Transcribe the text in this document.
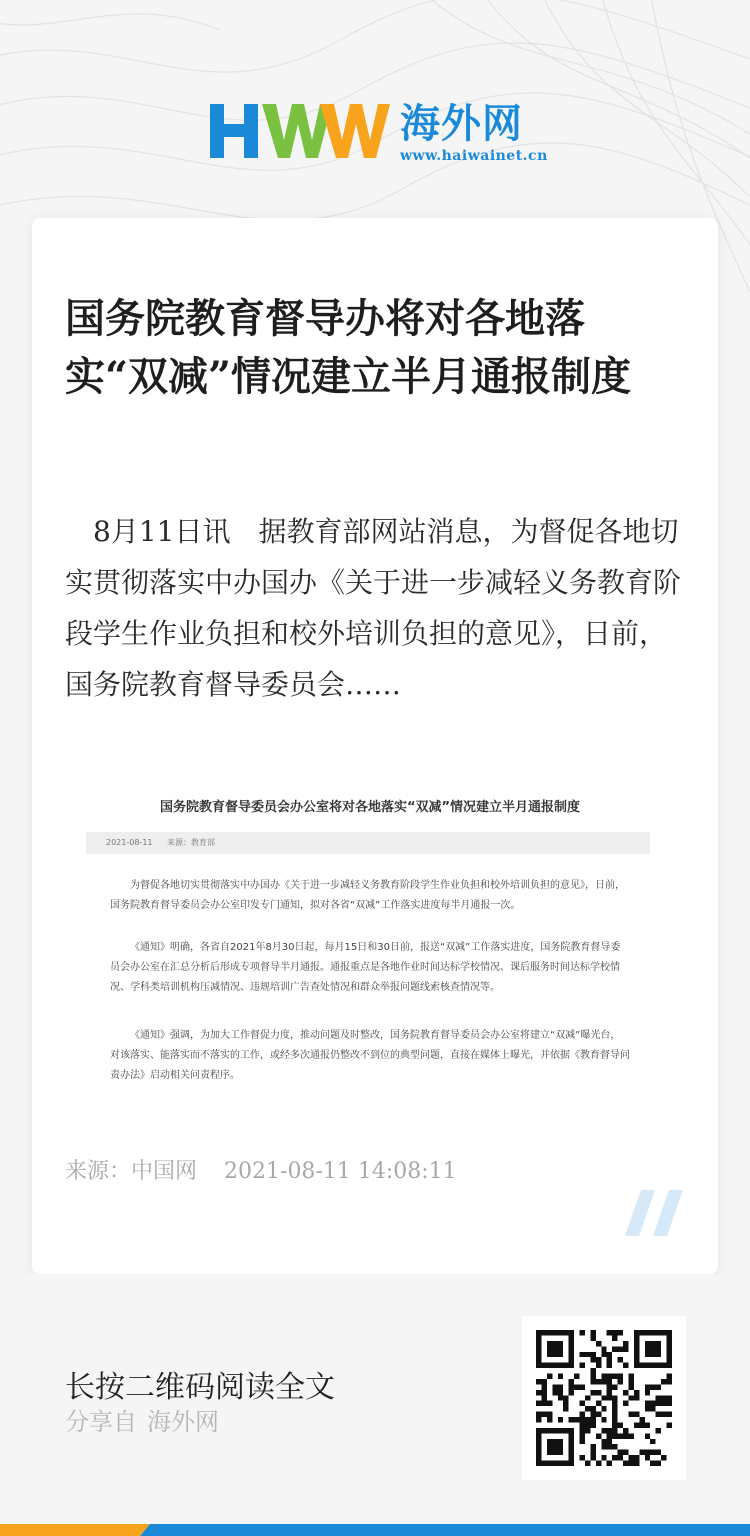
海外网
www.haiwainet.cn
国务院教育督导办将对各地落实“双减”情况建立半月通报制度

8月11日讯　据教育部网站消息，为督促各地切实贯彻落实中办国办《关于进一步减轻义务教育阶段学生作业负担和校外培训负担的意见》，日前，国务院教育督导委员会……

国务院教育督导委员会办公室将对各地落实“双减”情况建立半月通报制度
2021-08-11 来源：教育部

为督促各地切实贯彻落实中办国办《关于进一步减轻义务教育阶段学生作业负担和校外培训负担的意见》，日前，国务院教育督导委员会办公室印发专门通知，拟对各省“双减”工作落实进度每半月通报一次。

《通知》明确，各省自2021年8月30日起，每月15日和30日前，报送“双减”工作落实进度，国务院教育督导委员会办公室在汇总分析后形成专项督导半月通报。通报重点是各地作业时间达标学校情况、课后服务时间达标学校情况、学科类培训机构压减情况、违规培训广告查处情况和群众举报问题线索核查情况等。

《通知》强调，为加大工作督促力度，推动问题及时整改，国务院教育督导委员会办公室将建立“双减”曝光台，对该落实、能落实而不落实的工作，或经多次通报仍整改不到位的典型问题，直接在媒体上曝光，并依据《教育督导问责办法》启动相关问责程序。

来源：中国网 2021-08-11 14:08:11
长按二维码阅读全文
分享自 海外网
